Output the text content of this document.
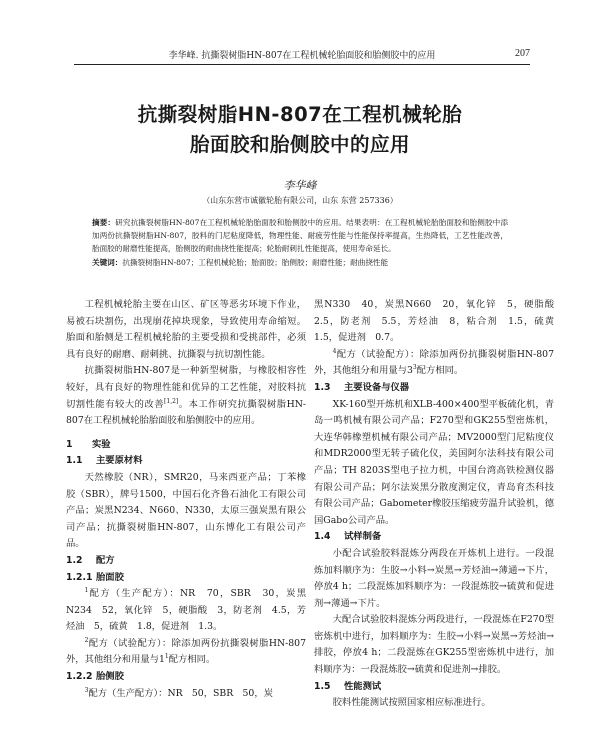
李华峰. 抗撕裂树脂HN-807在工程机械轮胎面胶和胎侧胶中的应用	207
抗撕裂树脂HN-807在工程机械轮胎
胎面胶和胎侧胶中的应用
李华峰
（山东东营市诚徽轮胎有限公司，山东 东营 257336）
摘要：研究抗撕裂树脂HN-807在工程机械轮胎胎面胶和胎侧胶中的应用。结果表明：在工程机械轮胎胎面胶和胎侧胶中添加两份抗撕裂树脂HN-807，胶料的门尼粘度降低，物理性能、耐疲劳性能与性能保持率提高，生热降低，工艺性能改善，胎面胶的耐磨性能提高，胎侧胶的耐曲挠性能提高；轮胎耐刺扎性能提高，使用寿命延长。
关键词：抗撕裂树脂HN-807；工程机械轮胎；胎面胶；胎侧胶；耐磨性能；耐曲挠性能

工程机械轮胎主要在山区、矿区等恶劣环境下作业，易被石块割伤，出现崩花掉块现象，导致使用寿命缩短。胎面和胎侧是工程机械轮胎的主要受损和受挑部件，必须具有良好的耐磨、耐刺挑、抗撕裂与抗切割性能。

抗撕裂树脂HN-807是一种新型树脂，与橡胶相容性较好，具有良好的物理性能和优异的工艺性能，对胶料抗切割性能有较大的改善[1,2]。本工作研究抗撕裂树脂HN-807在工程机械轮胎胎面胶和胎侧胶中的应用。

1 实验

1.1 主要原材料

天然橡胶（NR），SMR20，马来西亚产品；丁苯橡胶（SBR），牌号1500，中国石化齐鲁石油化工有限公司产品；炭黑N234、N660、N330，太原三强炭黑有限公司产品；抗撕裂树脂HN-807，山东博化工有限公司产品。

1.2 配方

1.2.1 胎面胶

$^1$配方（生产配方）：NR　70，SBR　30，炭黑N234　52，氧化锌　5，硬脂酸　3，防老剂　4.5，芳烃油　5，硫黄　1.8，促进剂　1.3。

$^2$配方（试验配方）：除添加两份抗撕裂树脂HN-807外，其他组分和用量与$1^1$配方相同。

1.2.2 胎侧胶

$^3$配方（生产配方）：NR　50，SBR　50，炭

黑N330　40，炭黑N660　20，氧化锌　5，硬脂酸　2.5，防老剂　5.5，芳烃油　8，粘合剂　1.5，硫黄　1.5，促进剂　0.7。

$^4$配方（试验配方）：除添加两份抗撕裂树脂HN-807外，其他组分和用量与$3^3$配方相同。

1.3 主要设备与仪器

XK-160型开炼机和XLB-400×400型平板硫化机，青岛一鸣机械有限公司产品；F270型和GK255型密炼机，大连华韩橡塑机械有限公司产品；MV2000型门尼粘度仪和MDR2000型无转子硫化仪，美国阿尔法科技有限公司产品；TH 8203S型电子拉力机，中国台湾高铁检测仪器有限公司产品；阿尔法炭黑分散度测定仪，青岛育杰科技有限公司产品；Gabometer橡胶压缩疲劳温升试验机，德国Gabo公司产品。

1.4 试样制备

小配合试验胶料混炼分两段在开炼机上进行。一段混炼加料顺序为：生胶→小料→炭黑→芳烃油→薄通→下片，停放4 h；二段混炼加料顺序为：一段混炼胶→硫黄和促进剂→薄通→下片。

大配合试验胶料混炼分两段进行，一段混炼在F270型密炼机中进行，加料顺序为：生胶→小料→炭黑→芳烃油→排胶，停放4 h；二段混炼在GK255型密炼机中进行，加料顺序为：一段混炼胶→硫黄和促进剂→排胶。

1.5 性能测试

胶料性能测试按照国家相应标准进行。
